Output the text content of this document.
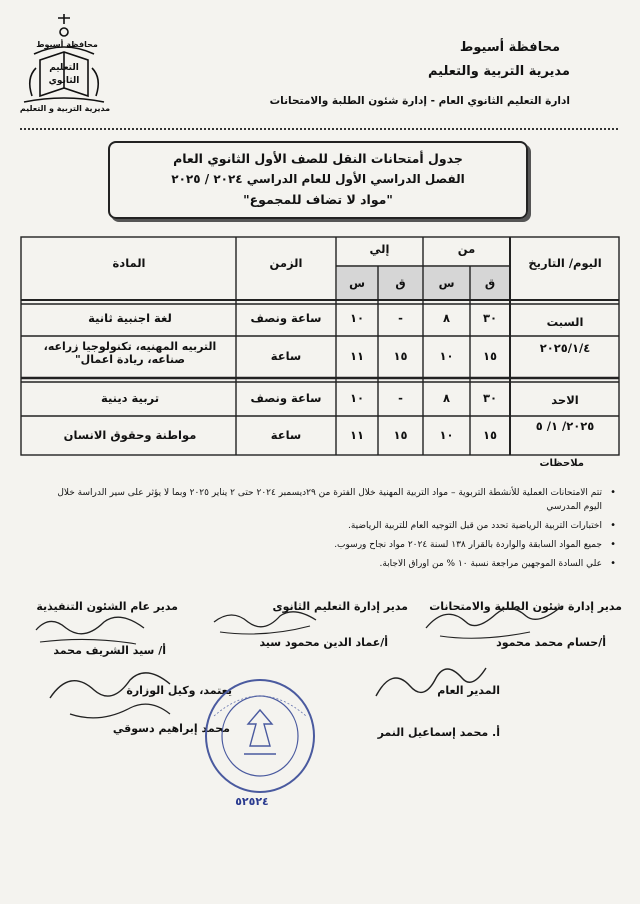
محافظة أسيوط
مديرية التربية والتعليم
ادارة التعليم الثانوي العام - إدارة شئون الطلبة والامتحانات
محافظة أسيوط
التعليم الثانوي
مديرية التربية و التعليم
جدول أمتحانات النقل للصف الأول الثانوي العام
الفصل الدراسي الأول للعام الدراسي ٢٠٢٤ / ٢٠٢٥
"مواد لا تضاف للمجموع"
اليوم/ التاريخ
من
إلي
ق
س
ق
س
الزمن
المادة
السبت
٢٠٢٥/١/٤
٣٠
٨
-
١٠
ساعة ونصف
لغة اجنبية ثانية
١٥
١٠
١٥
١١
ساعة
التربيه المهنيه، تكنولوجيا زراعه، صناعه، ريادة اعمال"
الاحد
٢٠٢٥/ ١/ ٥
٣٠
٨
-
١٠
ساعة ونصف
تربية دينية
١٥
١٠
١٥
١١
ساعة
مواطنة وحقوق الانسان
ملاحظات
تتم الامتحانات العملية للأنشطة التربوية – مواد التربية المهنية خلال الفترة من ٢٩ديسمبر ٢٠٢٤ حتى ٢ يناير ٢٠٢٥ وبما لا يؤثر على سير الدراسة خلال اليوم المدرسي •
اختبارات التربية الرياضية تحدد من قبل التوجيه العام للتربية الرياضية. •
جميع المواد السابقة والواردة بالقرار ١٣٨ لسنة ٢٠٢٤ مواد نجاح ورسوب. •
علي السادة الموجهين مراجعة نسبة ١٠ % من اوراق الاجابة. •
مدير إدارة شئون الطلبة والامتحانات
أ/حسام محمد محمود
مدير إدارة التعليم الثانوى
أ/عماد الدين محمود سيد
مدير عام الشئون التنفيذية
أ/ سيد الشريف محمد
المدير العام
أ. محمد إسماعيل النمر
يعتمد، وكيل الوزارة
محمد إبراهيم دسوقي
٥٢٥٢٤
